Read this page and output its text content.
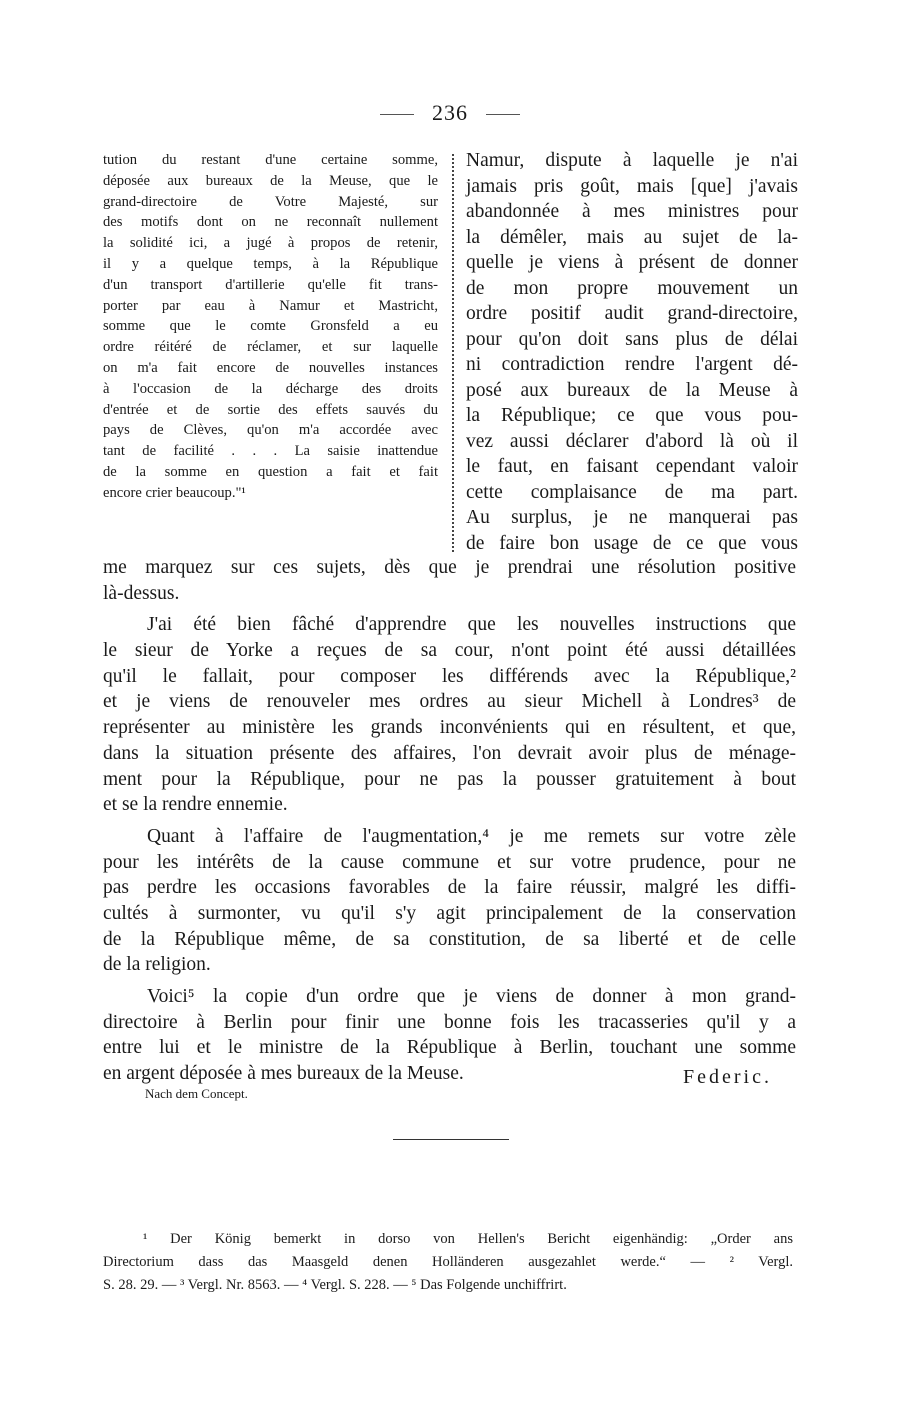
236
tution du restant d'une certaine somme,
déposée aux bureaux de la Meuse, que le
grand-directoire de Votre Majesté, sur
des motifs dont on ne reconnaît nullement
la solidité ici, a jugé à propos de retenir,
il y a quelque temps, à la République
d'un transport d'artillerie qu'elle fit trans-
porter par eau à Namur et Mastricht,
somme que le comte Gronsfeld a eu
ordre réitéré de réclamer, et sur laquelle
on m'a fait encore de nouvelles instances
à l'occasion de la décharge des droits
d'entrée et de sortie des effets sauvés du
pays de Clèves, qu'on m'a accordée avec
tant de facilité . . . La saisie inattendue
de la somme en question a fait et fait
encore crier beaucoup."¹
Namur, dispute à laquelle je n'ai
jamais pris goût, mais [que] j'avais
abandonnée à mes ministres pour
la démêler, mais au sujet de la-
quelle je viens à présent de donner
de mon propre mouvement un
ordre positif audit grand-directoire,
pour qu'on doit sans plus de délai
ni contradiction rendre l'argent dé-
posé aux bureaux de la Meuse à
la République; ce que vous pou-
vez aussi déclarer d'abord là où il
le faut, en faisant cependant valoir
cette complaisance de ma part.
Au surplus, je ne manquerai pas
de faire bon usage de ce que vous
me marquez sur ces sujets, dès que je prendrai une résolution positive
là-dessus.
J'ai été bien fâché d'apprendre que les nouvelles instructions que
le sieur de Yorke a reçues de sa cour, n'ont point été aussi détaillées
qu'il le fallait, pour composer les différends avec la République,²
et je viens de renouveler mes ordres au sieur Michell à Londres³ de
représenter au ministère les grands inconvénients qui en résultent, et que,
dans la situation présente des affaires, l'on devrait avoir plus de ménage-
ment pour la République, pour ne pas la pousser gratuitement à bout
et se la rendre ennemie.
Quant à l'affaire de l'augmentation,⁴ je me remets sur votre zèle
pour les intérêts de la cause commune et sur votre prudence, pour ne
pas perdre les occasions favorables de la faire réussir, malgré les diffi-
cultés à surmonter, vu qu'il s'y agit principalement de la conservation
de la République même, de sa constitution, de sa liberté et de celle
de la religion.
Voici⁵ la copie d'un ordre que je viens de donner à mon grand-
directoire à Berlin pour finir une bonne fois les tracasseries qu'il y a
entre lui et le ministre de la République à Berlin, touchant une somme
en argent déposée à mes bureaux de la Meuse.	Federic.
Nach dem Concept.
¹ Der König bemerkt in dorso von Hellen's Bericht eigenhändig: „Order ans
Directorium dass das Maasgeld denen Holländeren ausgezahlet werde.“ — ² Vergl.
S. 28. 29. — ³ Vergl. Nr. 8563. — ⁴ Vergl. S. 228. — ⁵ Das Folgende unchiffrirt.
